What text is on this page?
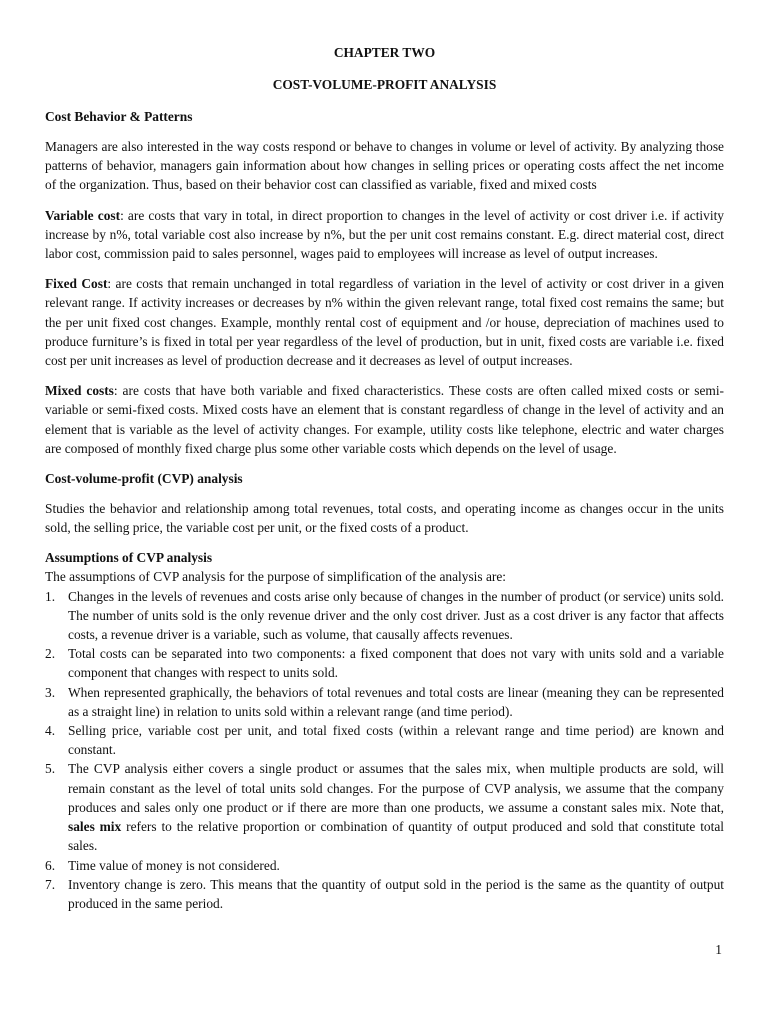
CHAPTER TWO
COST-VOLUME-PROFIT ANALYSIS
Cost Behavior & Patterns

Managers are also interested in the way costs respond or behave to changes in volume or level of activity. By analyzing those patterns of behavior, managers gain information about how changes in selling prices or operating costs affect the net income of the organization. Thus, based on their behavior cost can classified as variable, fixed and mixed costs

Variable cost: are costs that vary in total, in direct proportion to changes in the level of activity or cost driver i.e. if activity increase by n%, total variable cost also increase by n%, but the per unit cost remains constant. E.g. direct material cost, direct labor cost, commission paid to sales personnel, wages paid to employees will increase as level of output increases.

Fixed Cost: are costs that remain unchanged in total regardless of variation in the level of activity or cost driver in a given relevant range. If activity increases or decreases by n% within the given relevant range, total fixed cost remains the same; but the per unit fixed cost changes. Example, monthly rental cost of equipment and /or house, depreciation of machines used to produce furniture’s is fixed in total per year regardless of the level of production, but in unit, fixed costs are variable i.e. fixed cost per unit increases as level of production decrease and it decreases as level of output increases.

Mixed costs: are costs that have both variable and fixed characteristics. These costs are often called mixed costs or semi-variable or semi-fixed costs. Mixed costs have an element that is constant regardless of change in the level of activity and an element that is variable as the level of activity changes. For example, utility costs like telephone, electric and water charges are composed of monthly fixed charge plus some other variable costs which depends on the level of usage.

Cost-volume-profit (CVP) analysis

Studies the behavior and relationship among total revenues, total costs, and operating income as changes occur in the units sold, the selling price, the variable cost per unit, or the fixed costs of a product.

Assumptions of CVP analysis

The assumptions of CVP analysis for the purpose of simplification of the analysis are:

1. Changes in the levels of revenues and costs arise only because of changes in the number of product (or service) units sold. The number of units sold is the only revenue driver and the only cost driver. Just as a cost driver is any factor that affects costs, a revenue driver is a variable, such as volume, that causally affects revenues.
2. Total costs can be separated into two components: a fixed component that does not vary with units sold and a variable component that changes with respect to units sold.
3. When represented graphically, the behaviors of total revenues and total costs are linear (meaning they can be represented as a straight line) in relation to units sold within a relevant range (and time period).
4. Selling price, variable cost per unit, and total fixed costs (within a relevant range and time period) are known and constant.
5. The CVP analysis either covers a single product or assumes that the sales mix, when multiple products are sold, will remain constant as the level of total units sold changes. For the purpose of CVP analysis, we assume that the company produces and sales only one product or if there are more than one products, we assume a constant sales mix. Note that, sales mix refers to the relative proportion or combination of quantity of output produced and sold that constitute total sales.
6. Time value of money is not considered.
7. Inventory change is zero. This means that the quantity of output sold in the period is the same as the quantity of output produced in the same period.
1
